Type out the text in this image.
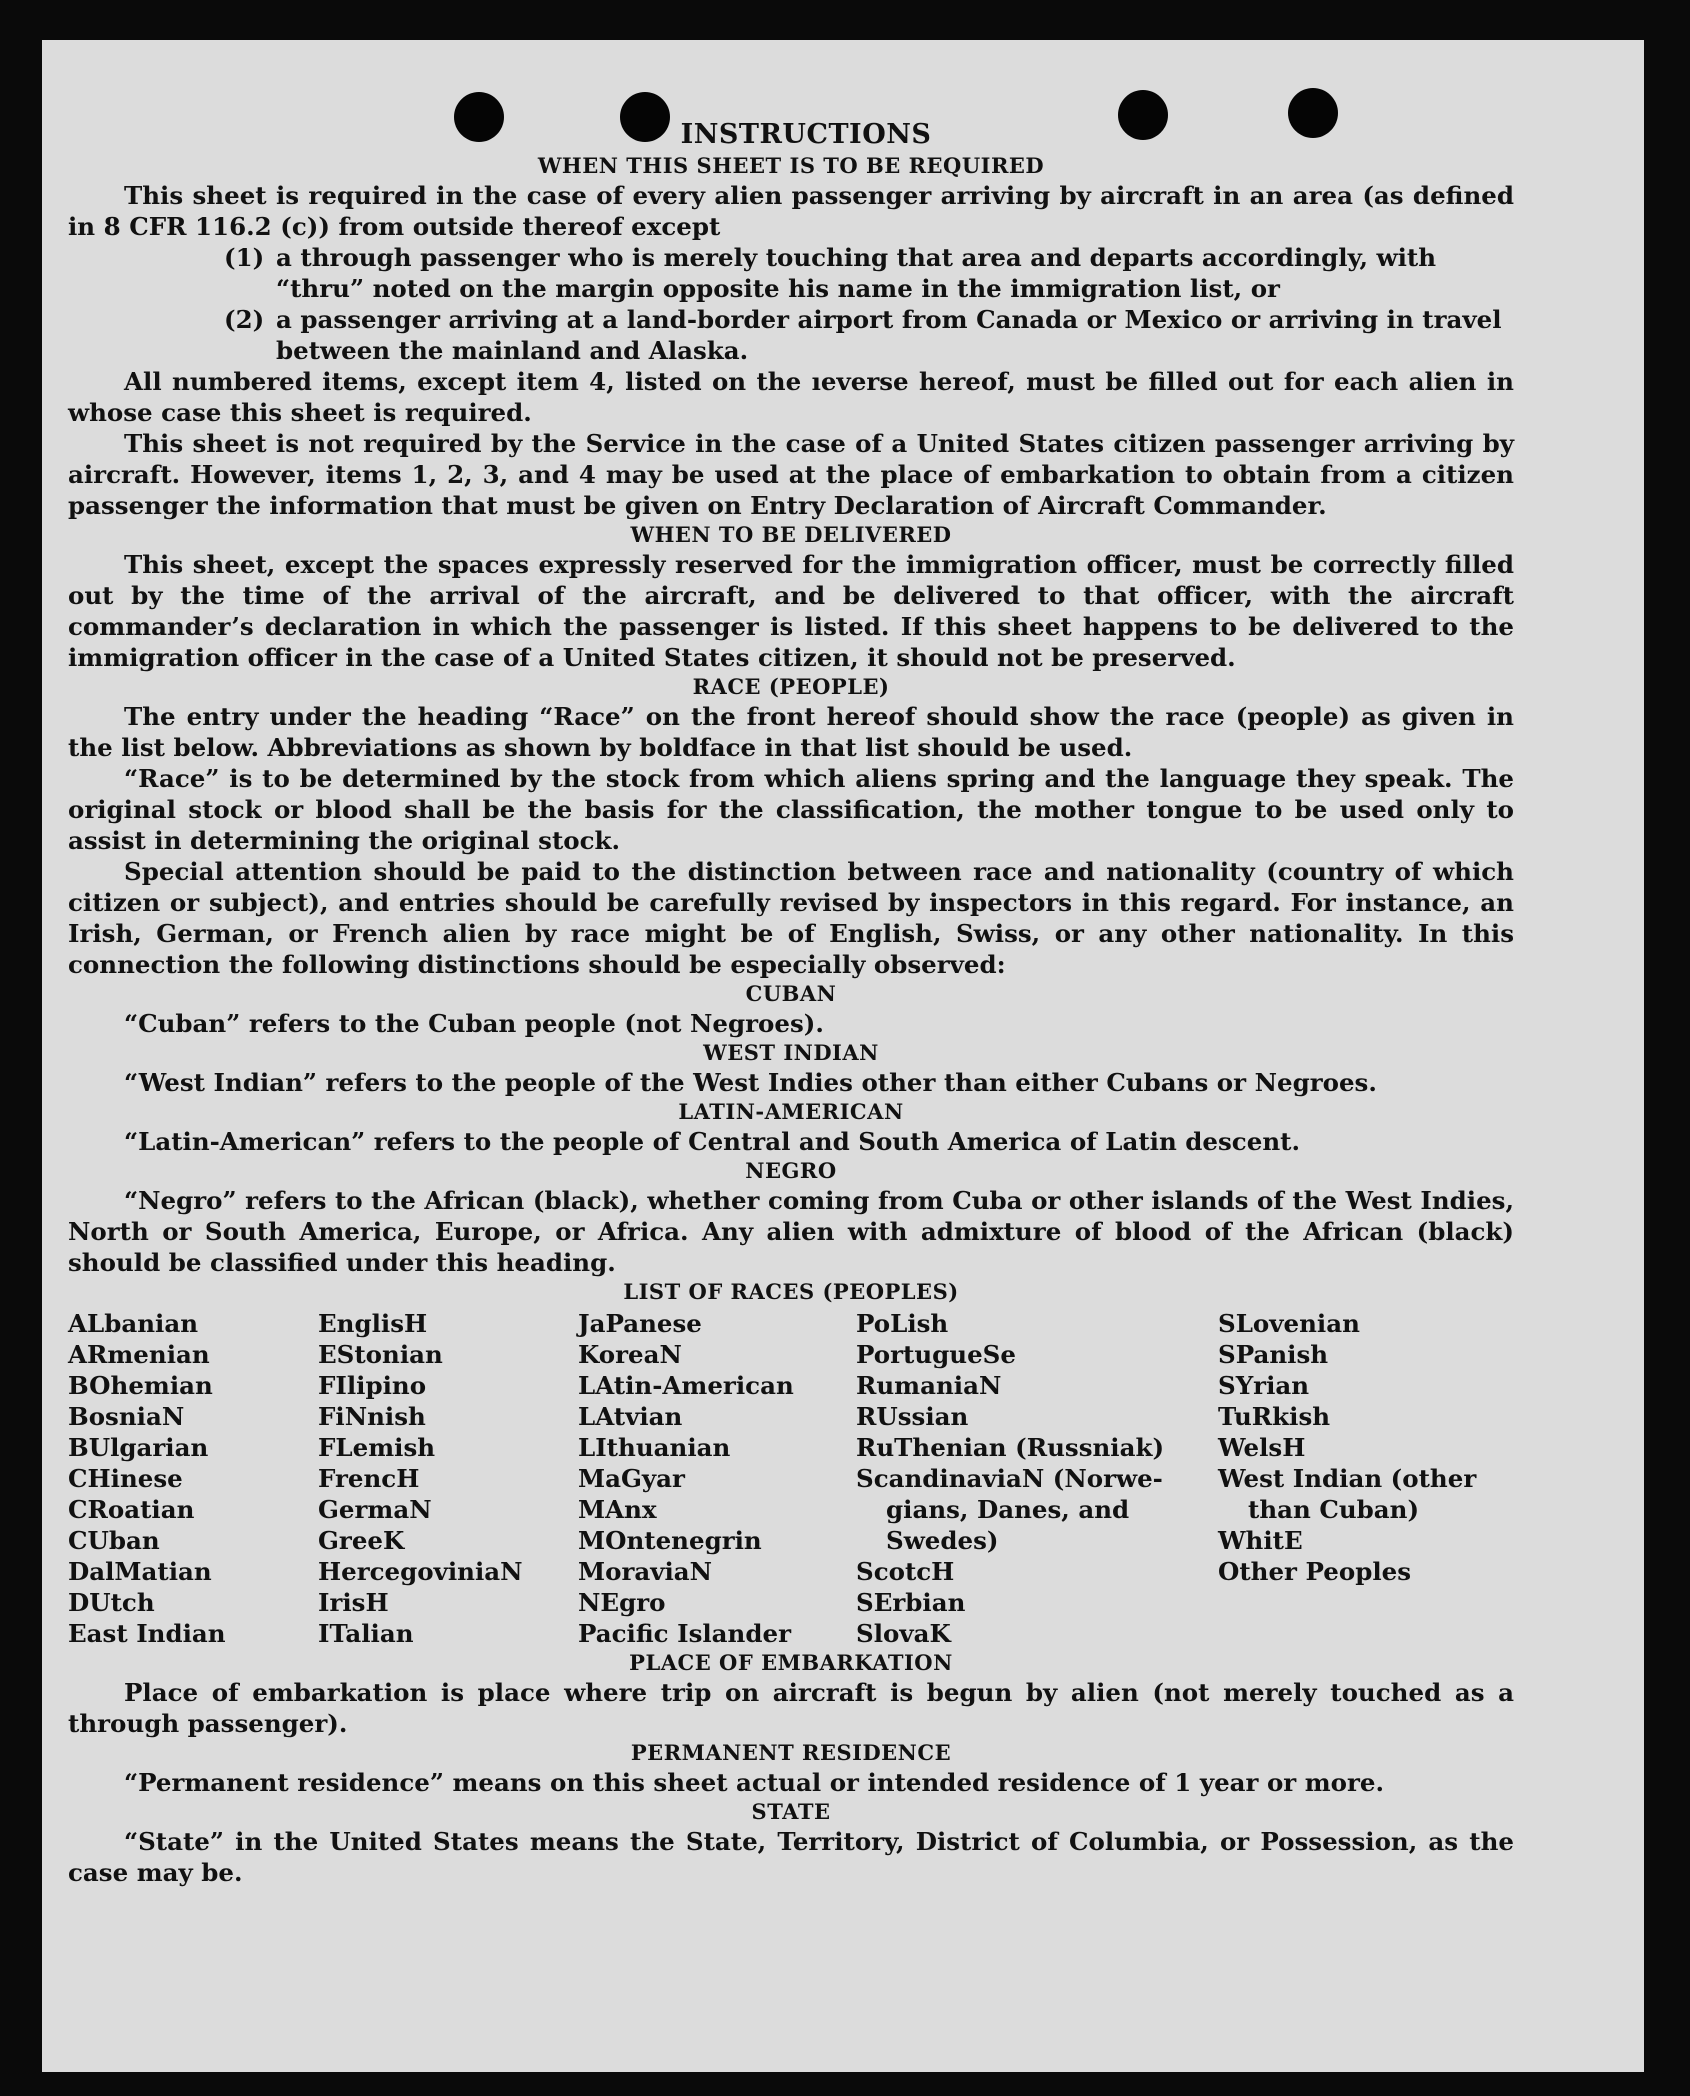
INSTRUCTIONS
WHEN THIS SHEET IS TO BE REQUIRED

This sheet is required in the case of every alien passenger arriving by aircraft in an area (as defined in 8 CFR 116.2 (c)) from outside thereof except

(1) a through passenger who is merely touching that area and departs accordingly, with “thru” noted on the margin opposite his name in the immigration list, or
(2) a passenger arriving at a land-border airport from Canada or Mexico or arriving in travel between the mainland and Alaska.

All numbered items, except item 4, listed on the ıeverse hereof, must be filled out for each alien in whose case this sheet is required.

This sheet is not required by the Service in the case of a United States citizen passenger arriving by aircraft. However, items 1, 2, 3, and 4 may be used at the place of embarkation to obtain from a citizen passenger the information that must be given on Entry Declaration of Aircraft Commander.

WHEN TO BE DELIVERED

This sheet, except the spaces expressly reserved for the immigration officer, must be correctly filled out by the time of the arrival of the aircraft, and be delivered to that officer, with the aircraft commander’s declaration in which the passenger is listed. If this sheet happens to be delivered to the immigration officer in the case of a United States citizen, it should not be preserved.

RACE (PEOPLE)

The entry under the heading “Race” on the front hereof should show the race (people) as given in the list below. Abbreviations as shown by boldface in that list should be used.

“Race” is to be determined by the stock from which aliens spring and the language they speak. The original stock or blood shall be the basis for the classification, the mother tongue to be used only to assist in determining the original stock.

Special attention should be paid to the distinction between race and nationality (country of which citizen or subject), and entries should be carefully revised by inspectors in this regard. For instance, an Irish, German, or French alien by race might be of English, Swiss, or any other nationality. In this connection the following distinctions should be especially observed:

CUBAN

“Cuban” refers to the Cuban people (not Negroes).

WEST INDIAN

“West Indian” refers to the people of the West Indies other than either Cubans or Negroes.

LATIN-AMERICAN

“Latin-American” refers to the people of Central and South America of Latin descent.

NEGRO

“Negro” refers to the African (black), whether coming from Cuba or other islands of the West Indies, North or South America, Europe, or Africa. Any alien with admixture of blood of the African (black) should be classified under this heading.

LIST OF RACES (PEOPLES)
ALbanian
ARmenian
BOhemian
BosniaN
BUlgarian
CHinese
CRoatian
CUban
DalMatian
DUtch
East Indian
EnglisH
EStonian
FIlipino
FiNnish
FLemish
FrencH
GermaN
GreeK
HercegoviniaN
IrisH
ITalian
JaPanese
KoreaN
LAtin-American
LAtvian
LIthuanian
MaGyar
MAnx
MOntenegrin
MoraviaN
NEgro
Pacific Islander
PoLish
PortugueSe
RumaniaN
RUssian
RuThenian (Russniak)
ScandinaviaN (Norwe-
gians, Danes, and
Swedes)
ScotcH
SErbian
SlovaK
SLovenian
SPanish
SYrian
TuRkish
WelsH
West Indian (other
than Cuban)
WhitE
Other Peoples
PLACE OF EMBARKATION

Place of embarkation is place where trip on aircraft is begun by alien (not merely touched as a through passenger).

PERMANENT RESIDENCE

“Permanent residence” means on this sheet actual or intended residence of 1 year or more.

STATE

“State” in the United States means the State, Territory, District of Columbia, or Possession, as the case may be.
